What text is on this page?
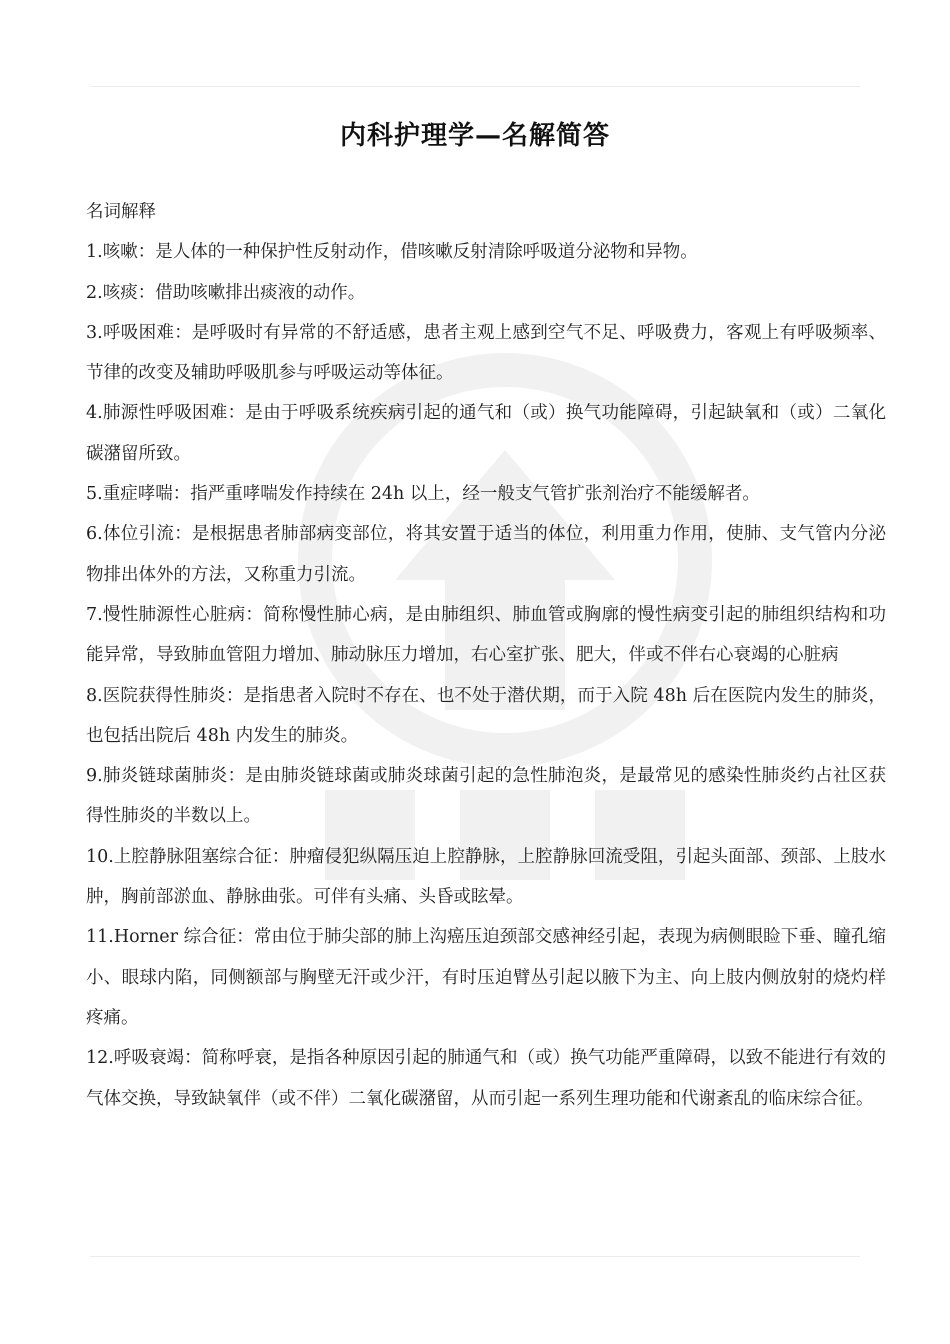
内科护理学—名解简答

名词解释

1.咳嗽：是人体的一种保护性反射动作，借咳嗽反射清除呼吸道分泌物和异物。

2.咳痰：借助咳嗽排出痰液的动作。

3.呼吸困难：是呼吸时有异常的不舒适感，患者主观上感到空气不足、呼吸费力，客观上有呼吸频率、节律的改变及辅助呼吸肌参与呼吸运动等体征。

4.肺源性呼吸困难：是由于呼吸系统疾病引起的通气和（或）换气功能障碍，引起缺氧和（或）二氧化碳潴留所致。

5.重症哮喘：指严重哮喘发作持续在 24h 以上，经一般支气管扩张剂治疗不能缓解者。

6.体位引流：是根据患者肺部病变部位，将其安置于适当的体位，利用重力作用，使肺、支气管内分泌物排出体外的方法，又称重力引流。

7.慢性肺源性心脏病：简称慢性肺心病，是由肺组织、肺血管或胸廓的慢性病变引起的肺组织结构和功能异常，导致肺血管阻力增加、肺动脉压力增加，右心室扩张、肥大，伴或不伴右心衰竭的心脏病

8.医院获得性肺炎：是指患者入院时不存在、也不处于潜伏期，而于入院 48h 后在医院内发生的肺炎，也包括出院后 48h 内发生的肺炎。

9.肺炎链球菌肺炎：是由肺炎链球菌或肺炎球菌引起的急性肺泡炎，是最常见的感染性肺炎约占社区获得性肺炎的半数以上。

10.上腔静脉阻塞综合征：肿瘤侵犯纵隔压迫上腔静脉，上腔静脉回流受阻，引起头面部、颈部、上肢水肿，胸前部淤血、静脉曲张。可伴有头痛、头昏或眩晕。

11.Horner 综合征：常由位于肺尖部的肺上沟癌压迫颈部交感神经引起，表现为病侧眼睑下垂、瞳孔缩小、眼球内陷，同侧额部与胸壁无汗或少汗，有时压迫臂丛引起以腋下为主、向上肢内侧放射的烧灼样疼痛。

12.呼吸衰竭：简称呼衰，是指各种原因引起的肺通气和（或）换气功能严重障碍，以致不能进行有效的气体交换，导致缺氧伴（或不伴）二氧化碳潴留，从而引起一系列生理功能和代谢紊乱的临床综合征。
